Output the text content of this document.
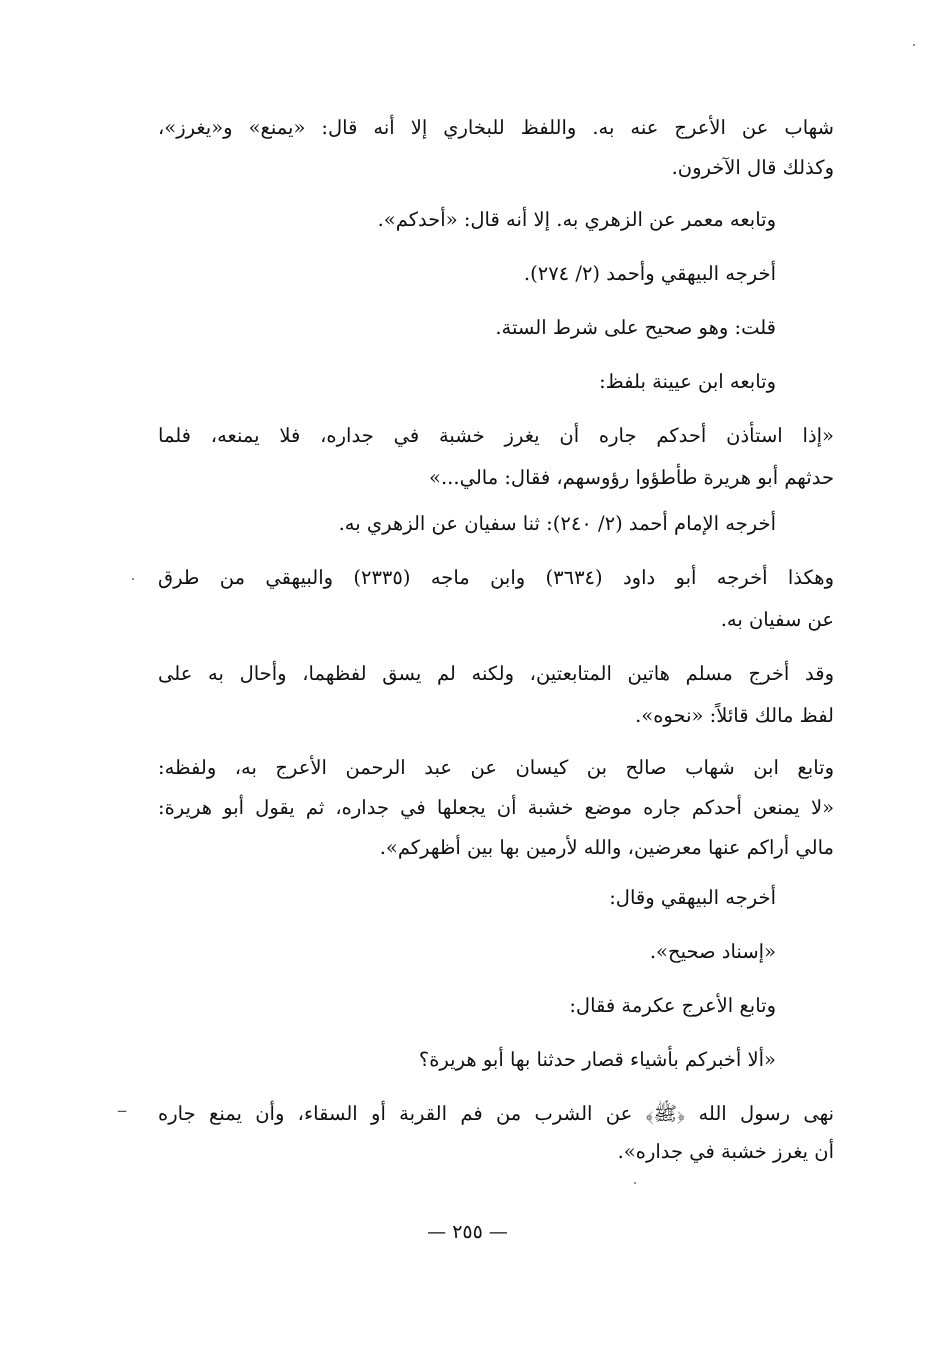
شهاب عن الأعرج عنه به. واللفظ للبخاري إلا أنه قال: «يمنع» و«يغرز»،
وكذلك قال الآخرون.
وتابعه معمر عن الزهري به. إلا أنه قال: «أحدكم».
أخرجه البيهقي وأحمد (٢/ ٢٧٤).
قلت: وهو صحيح على شرط الستة.
وتابعه ابن عيينة بلفظ:
«إذا استأذن أحدكم جاره أن يغرز خشبة في جداره، فلا يمنعه، فلما
حدثهم أبو هريرة طأطؤوا رؤوسهم، فقال: مالي...»
أخرجه الإمام أحمد (٢/ ٢٤٠): ثنا سفيان عن الزهري به.
وهكذا أخرجه أبو داود (٣٦٣٤) وابن ماجه (٢٣٣٥) والبيهقي من طرق
عن سفيان به.
وقد أخرج مسلم هاتين المتابعتين، ولكنه لم يسق لفظهما، وأحال به على
لفظ مالك قائلاً: «نحوه».
وتابع ابن شهاب صالح بن كيسان عن عبد الرحمن الأعرج به، ولفظه:
«لا يمنعن أحدكم جاره موضع خشبة أن يجعلها في جداره، ثم يقول أبو هريرة:
مالي أراكم عنها معرضين، والله لأرمين بها بين أظهركم».
أخرجه البيهقي وقال:
«إسناد صحيح».
وتابع الأعرج عكرمة فقال:
«ألا أخبركم بأشياء قصار حدثنا بها أبو هريرة؟
نهى رسول الله ﴿ﷺ﴾ عن الشرب من فم القربة أو السقاء، وأن يمنع جاره
أن يغرز خشبة في جداره».
— ٢٥٥ —
ــ
